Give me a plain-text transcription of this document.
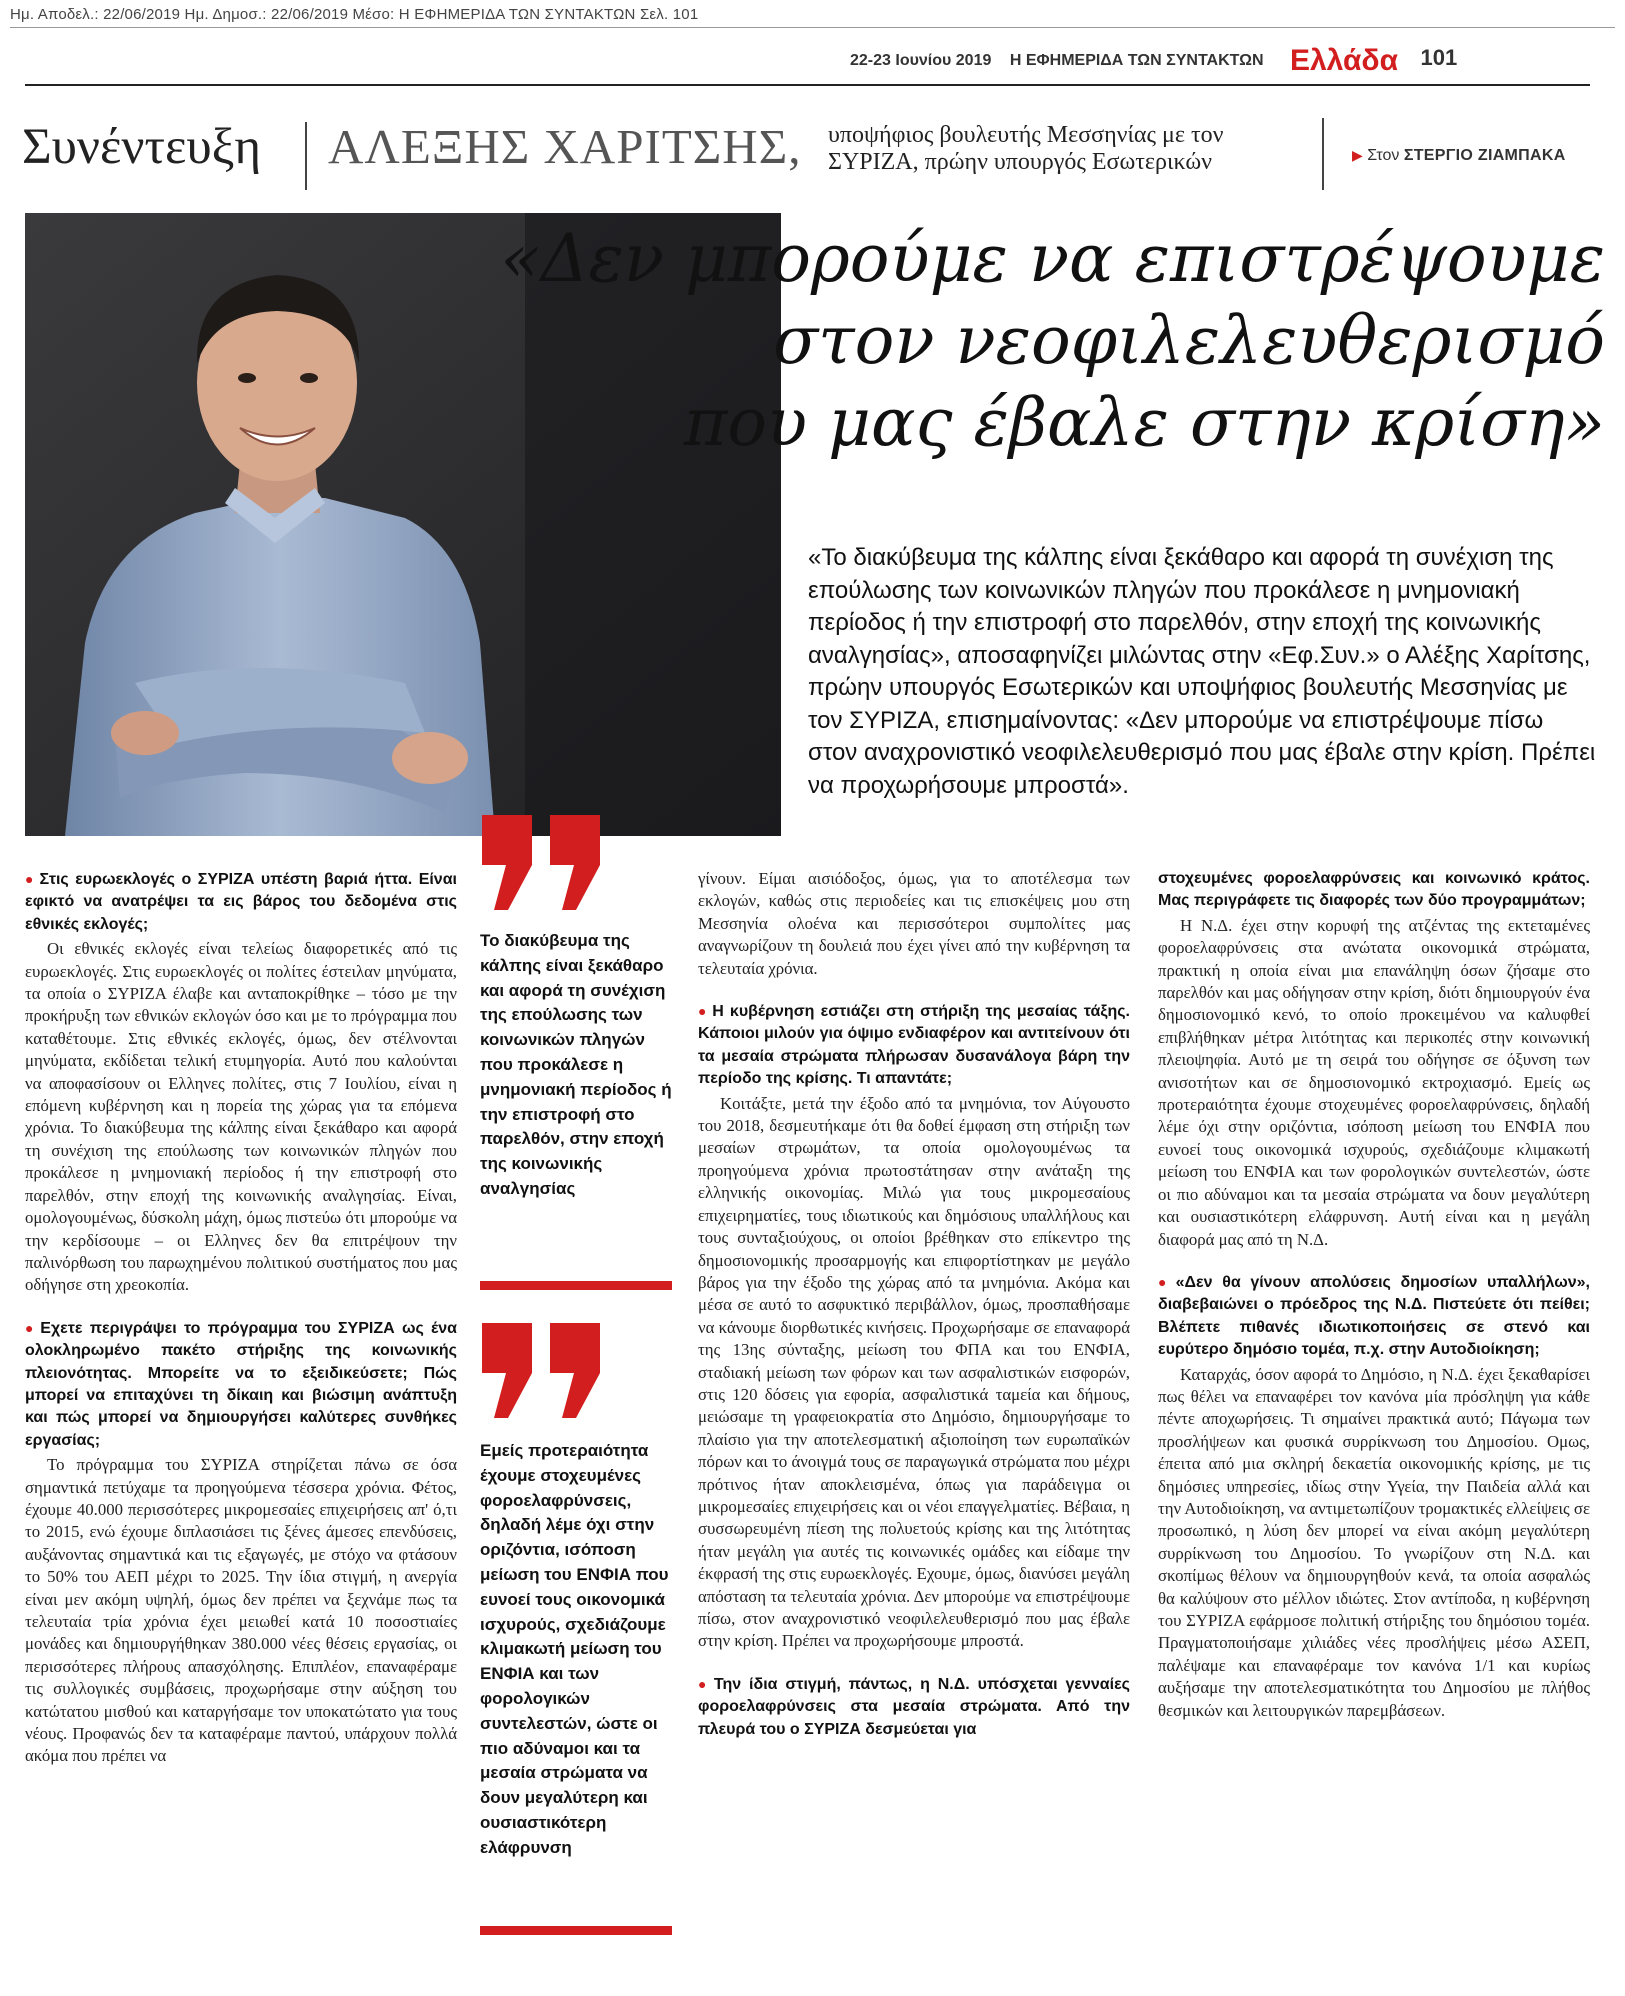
Ημ. Αποδελ.: 22/06/2019 Ημ. Δημοσ.: 22/06/2019 Μέσο: Η ΕΦΗΜΕΡΙΔΑ ΤΩΝ ΣΥΝΤΑΚΤΩΝ Σελ. 101
22-23 Ιουνίου 2019 Η ΕΦΗΜΕΡΙΔΑ ΤΩΝ ΣΥΝΤΑΚΤΩΝ Ελλάδα 101
Συνέντευξη ΑΛΕΞΗΣ ΧΑΡΙΤΣΗΣ, υποψήφιος βουλευτής Μεσσηνίας με τον ΣΥΡΙΖΑ, πρώην υπουργός Εσωτερικών	▶ Στον ΣΤΕΡΓΙΟ ΖΙΑΜΠΑΚΑ
«Δεν μπορούμε να επιστρέψουμε
στον νεοφιλελευθερισμό
που μας έβαλε στην κρίση»
«Το διακύβευμα της κάλπης είναι ξεκάθαρο και αφορά τη συνέχιση της επούλωσης των κοινωνικών πληγών που προκάλεσε η μνημονιακή περίοδος ή την επιστροφή στο παρελθόν, στην εποχή της κοινωνικής αναλγησίας», αποσαφηνίζει μιλώντας στην «Εφ.Συν.» ο Αλέξης Χαρίτσης, πρώην υπουργός Εσωτερικών και υποψήφιος βουλευτής Μεσσηνίας με τον ΣΥΡΙΖΑ, επισημαίνοντας: «Δεν μπορούμε να επιστρέψουμε πίσω στον αναχρονιστικό νεοφιλελευθερισμό που μας έβαλε στην κρίση. Πρέπει να προχωρήσουμε μπροστά».
● Στις ευρωεκλογές ο ΣΥΡΙΖΑ υπέστη βαριά ήττα. Είναι εφικτό να ανατρέψει τα εις βάρος του δεδομένα στις εθνικές εκλογές;

Οι εθνικές εκλογές είναι τελείως διαφορετικές από τις ευρωεκλογές. Στις ευρωεκλογές οι πολίτες έστειλαν μηνύματα, τα οποία ο ΣΥΡΙΖΑ έλαβε και ανταποκρίθηκε – τόσο με την προκήρυξη των εθνικών εκλογών όσο και με το πρόγραμμα που καταθέτουμε. Στις εθνικές εκλογές, όμως, δεν στέλνονται μηνύματα, εκδίδεται τελική ετυμηγορία. Αυτό που καλούνται να αποφασίσουν οι Ελληνες πολίτες, στις 7 Ιουλίου, είναι η επόμενη κυβέρνηση και η πορεία της χώρας για τα επόμενα χρόνια. Το διακύβευμα της κάλπης είναι ξεκάθαρο και αφορά τη συνέχιση της επούλωσης των κοινωνικών πληγών που προκάλεσε η μνημονιακή περίοδος ή την επιστροφή στο παρελθόν, στην εποχή της κοινωνικής αναλγησίας. Είναι, ομολογουμένως, δύσκολη μάχη, όμως πιστεύω ότι μπορούμε να την κερδίσουμε – οι Ελληνες δεν θα επιτρέψουν την παλινόρθωση του παρωχημένου πολιτικού συστήματος που μας οδήγησε στη χρεοκοπία.

● Εχετε περιγράψει το πρόγραμμα του ΣΥΡΙΖΑ ως ένα ολοκληρωμένο πακέτο στήριξης της κοινωνικής πλειονότητας. Μπορείτε να το εξειδικεύσετε; Πώς μπορεί να επιταχύνει τη δίκαιη και βιώσιμη ανάπτυξη και πώς μπορεί να δημιουργήσει καλύτερες συνθήκες εργασίας;

Το πρόγραμμα του ΣΥΡΙΖΑ στηρίζεται πάνω σε όσα σημαντικά πετύχαμε τα προηγούμενα τέσσερα χρόνια. Φέτος, έχουμε 40.000 περισσότερες μικρομεσαίες επιχειρήσεις απ' ό,τι το 2015, ενώ έχουμε διπλασιάσει τις ξένες άμεσες επενδύσεις, αυξάνοντας σημαντικά και τις εξαγωγές, με στόχο να φτάσουν το 50% του ΑΕΠ μέχρι το 2025. Την ίδια στιγμή, η ανεργία είναι μεν ακόμη υψηλή, όμως δεν πρέπει να ξεχνάμε πως τα τελευταία τρία χρόνια έχει μειωθεί κατά 10 ποσοστιαίες μονάδες και δημιουργήθηκαν 380.000 νέες θέσεις εργασίας, οι περισσότερες πλήρους απασχόλησης. Επιπλέον, επαναφέραμε τις συλλογικές συμβάσεις, προχωρήσαμε στην αύξηση του κατώτατου μισθού και καταργήσαμε τον υποκατώτατο για τους νέους. Προφανώς δεν τα καταφέραμε παντού, υπάρχουν πολλά ακόμα που πρέπει να

Το διακύβευμα της κάλπης είναι ξεκάθαρο και αφορά τη συνέχιση της επούλωσης των κοινωνικών πληγών που προκάλεσε η μνημονιακή περίοδος ή την επιστροφή στο παρελθόν, στην εποχή της κοινωνικής αναλγησίας
Εμείς προτεραιότητα έχουμε στοχευμένες φοροελαφρύνσεις, δηλαδή λέμε όχι στην οριζόντια, ισόποση μείωση του ΕΝΦΙΑ που ευνοεί τους οικονομικά ισχυρούς, σχεδιάζουμε κλιμακωτή μείωση του ΕΝΦΙΑ και των φορολογικών συντελεστών, ώστε οι πιο αδύναμοι και τα μεσαία στρώματα να δουν μεγαλύτερη και ουσιαστικότερη ελάφρυνση

γίνουν. Είμαι αισιόδοξος, όμως, για το αποτέλεσμα των εκλογών, καθώς στις περιοδείες και τις επισκέψεις μου στη Μεσσηνία ολοένα και περισσότεροι συμπολίτες μας αναγνωρίζουν τη δουλειά που έχει γίνει από την κυβέρνηση τα τελευταία χρόνια.

● Η κυβέρνηση εστιάζει στη στήριξη της μεσαίας τάξης. Κάποιοι μιλούν για όψιμο ενδιαφέρον και αντιτείνουν ότι τα μεσαία στρώματα πλήρωσαν δυσανάλογα βάρη την περίοδο της κρίσης. Τι απαντάτε;

Κοιτάξτε, μετά την έξοδο από τα μνημόνια, τον Αύγουστο του 2018, δεσμευτήκαμε ότι θα δοθεί έμφαση στη στήριξη των μεσαίων στρωμάτων, τα οποία ομολογουμένως τα προηγούμενα χρόνια πρωτοστάτησαν στην ανάταξη της ελληνικής οικονομίας. Μιλώ για τους μικρομεσαίους επιχειρηματίες, τους ιδιωτικούς και δημόσιους υπαλλήλους και τους συνταξιούχους, οι οποίοι βρέθηκαν στο επίκεντρο της δημοσιονομικής προσαρμογής και επιφορτίστηκαν με μεγάλο βάρος για την έξοδο της χώρας από τα μνημόνια. Ακόμα και μέσα σε αυτό το ασφυκτικό περιβάλλον, όμως, προσπαθήσαμε να κάνουμε διορθωτικές κινήσεις. Προχωρήσαμε σε επαναφορά της 13ης σύνταξης, μείωση του ΦΠΑ και του ΕΝΦΙΑ, σταδιακή μείωση των φόρων και των ασφαλιστικών εισφορών, στις 120 δόσεις για εφορία, ασφαλιστικά ταμεία και δήμους, μειώσαμε τη γραφειοκρατία στο Δημόσιο, δημιουργήσαμε το πλαίσιο για την αποτελεσματική αξιοποίηση των ευρωπαϊκών πόρων και το άνοιγμά τους σε παραγωγικά στρώματα που μέχρι πρότινος ήταν αποκλεισμένα, όπως για παράδειγμα οι μικρομεσαίες επιχειρήσεις και οι νέοι επαγγελματίες. Βέβαια, η συσσωρευμένη πίεση της πολυετούς κρίσης και της λιτότητας ήταν μεγάλη για αυτές τις κοινωνικές ομάδες και είδαμε την έκφρασή της στις ευρωεκλογές. Εχουμε, όμως, διανύσει μεγάλη απόσταση τα τελευταία χρόνια. Δεν μπορούμε να επιστρέψουμε πίσω, στον αναχρονιστικό νεοφιλελευθερισμό που μας έβαλε στην κρίση. Πρέπει να προχωρήσουμε μπροστά.

● Την ίδια στιγμή, πάντως, η Ν.Δ. υπόσχεται γενναίες φοροελαφρύνσεις στα μεσαία στρώματα. Από την πλευρά του ο ΣΥΡΙΖΑ δεσμεύεται για
στοχευμένες φοροελαφρύνσεις και κοινωνικό κράτος. Μας περιγράφετε τις διαφορές των δύο προγραμμάτων;

Η Ν.Δ. έχει στην κορυφή της ατζέντας της εκτεταμένες φοροελαφρύνσεις στα ανώτατα οικονομικά στρώματα, πρακτική η οποία είναι μια επανάληψη όσων ζήσαμε στο παρελθόν και μας οδήγησαν στην κρίση, διότι δημιουργούν ένα δημοσιονομικό κενό, το οποίο προκειμένου να καλυφθεί επιβλήθηκαν μέτρα λιτότητας και περικοπές στην κοινωνική πλειοψηφία. Αυτό με τη σειρά του οδήγησε σε όξυνση των ανισοτήτων και σε δημοσιονομικό εκτροχιασμό. Εμείς ως προτεραιότητα έχουμε στοχευμένες φοροελαφρύνσεις, δηλαδή λέμε όχι στην οριζόντια, ισόποση μείωση του ΕΝΦΙΑ που ευνοεί τους οικονομικά ισχυρούς, σχεδιάζουμε κλιμακωτή μείωση του ΕΝΦΙΑ και των φορολογικών συντελεστών, ώστε οι πιο αδύναμοι και τα μεσαία στρώματα να δουν μεγαλύτερη και ουσιαστικότερη ελάφρυνση. Αυτή είναι και η μεγάλη διαφορά μας από τη Ν.Δ.

● «Δεν θα γίνουν απολύσεις δημοσίων υπαλλήλων», διαβεβαιώνει ο πρόεδρος της Ν.Δ. Πιστεύετε ότι πείθει; Βλέπετε πιθανές ιδιωτικοποιήσεις σε στενό και ευρύτερο δημόσιο τομέα, π.χ. στην Αυτοδιοίκηση;

Καταρχάς, όσον αφορά το Δημόσιο, η Ν.Δ. έχει ξεκαθαρίσει πως θέλει να επαναφέρει τον κανόνα μία πρόσληψη για κάθε πέντε αποχωρήσεις. Τι σημαίνει πρακτικά αυτό; Πάγωμα των προσλήψεων και φυσικά συρρίκνωση του Δημοσίου. Ομως, έπειτα από μια σκληρή δεκαετία οικονομικής κρίσης, με τις δημόσιες υπηρεσίες, ιδίως στην Υγεία, την Παιδεία αλλά και την Αυτοδιοίκηση, να αντιμετωπίζουν τρομακτικές ελλείψεις σε προσωπικό, η λύση δεν μπορεί να είναι ακόμη μεγαλύτερη συρρίκνωση του Δημοσίου. Το γνωρίζουν στη Ν.Δ. και σκοπίμως θέλουν να δημιουργηθούν κενά, τα οποία ασφαλώς θα καλύψουν στο μέλλον ιδιώτες. Στον αντίποδα, η κυβέρνηση του ΣΥΡΙΖΑ εφάρμοσε πολιτική στήριξης του δημόσιου τομέα. Πραγματοποιήσαμε χιλιάδες νέες προσλήψεις μέσω ΑΣΕΠ, παλέψαμε και επαναφέραμε τον κανόνα 1/1 και κυρίως αυξήσαμε την αποτελεσματικότητα του Δημοσίου με πλήθος θεσμικών και λειτουργικών παρεμβάσεων.
